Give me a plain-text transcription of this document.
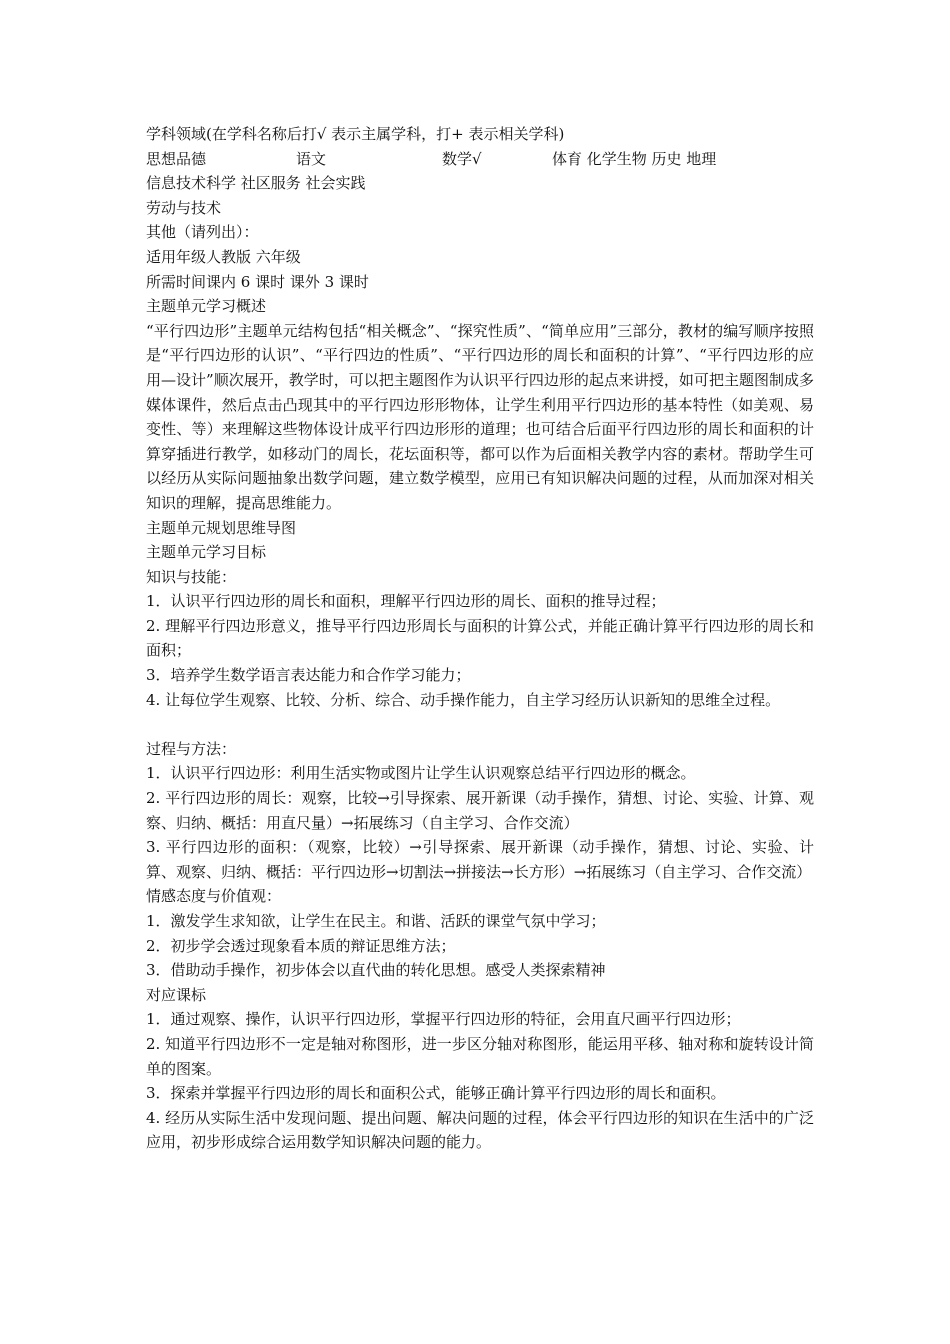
学科领域(在学科名称后打√ 表示主属学科，打+ 表示相关学科)
思想品德	语文	数学√	体育 化学生物 历史 地理
信息技术科学 社区服务 社会实践
劳动与技术
其他（请列出）：
适用年级人教版 六年级
所需时间课内 6 课时 课外 3 课时
主题单元学习概述
“平行四边形”主题单元结构包括“相关概念”、“探究性质”、“简单应用”三部分，教材的编写顺序按照是“平行四边形的认识”、“平行四边的性质”、“平行四边形的周长和面积的计算”、“平行四边形的应用—设计”顺次展开，教学时，可以把主题图作为认识平行四边形的起点来讲授，如可把主题图制成多媒体课件，然后点击凸现其中的平行四边形形物体，让学生利用平行四边形的基本特性（如美观、易变性、等）来理解这些物体设计成平行四边形形的道理；也可结合后面平行四边形的周长和面积的计算穿插进行教学，如移动门的周长，花坛面积等，都可以作为后面相关教学内容的素材。帮助学生可以经历从实际问题抽象出数学问题，建立数学模型，应用已有知识解决问题的过程，从而加深对相关知识的理解，提高思维能力。
主题单元规划思维导图
主题单元学习目标
知识与技能：
1．认识平行四边形的周长和面积，理解平行四边形的周长、面积的推导过程；
2. 理解平行四边形意义，推导平行四边形周长与面积的计算公式，并能正确计算平行四边形的周长和面积；
3．培养学生数学语言表达能力和合作学习能力；
4. 让每位学生观察、比较、分析、综合、动手操作能力，自主学习经历认识新知的思维全过程。
过程与方法：
1．认识平行四边形：利用生活实物或图片让学生认识观察总结平行四边形的概念。
2. 平行四边形的周长：观察，比较→引导探索、展开新课（动手操作，猜想、讨论、实验、计算、观察、归纳、概括：用直尺量）→拓展练习（自主学习、合作交流）
3. 平行四边形的面积：（观察，比较）→引导探索、展开新课（动手操作，猜想、讨论、实验、计算、观察、归纳、概括：平行四边形→切割法→拼接法→长方形）→拓展练习（自主学习、合作交流）
情感态度与价值观：
1．激发学生求知欲，让学生在民主。和谐、活跃的课堂气氛中学习；
2．初步学会透过现象看本质的辩证思维方法；
3．借助动手操作，初步体会以直代曲的转化思想。感受人类探索精神
对应课标
1．通过观察、操作，认识平行四边形，掌握平行四边形的特征，会用直尺画平行四边形；
2. 知道平行四边形不一定是轴对称图形，进一步区分轴对称图形，能运用平移、轴对称和旋转设计简单的图案。
3．探索并掌握平行四边形的周长和面积公式，能够正确计算平行四边形的周长和面积。
4. 经历从实际生活中发现问题、提出问题、解决问题的过程，体会平行四边形的知识在生活中的广泛应用，初步形成综合运用数学知识解决问题的能力。
